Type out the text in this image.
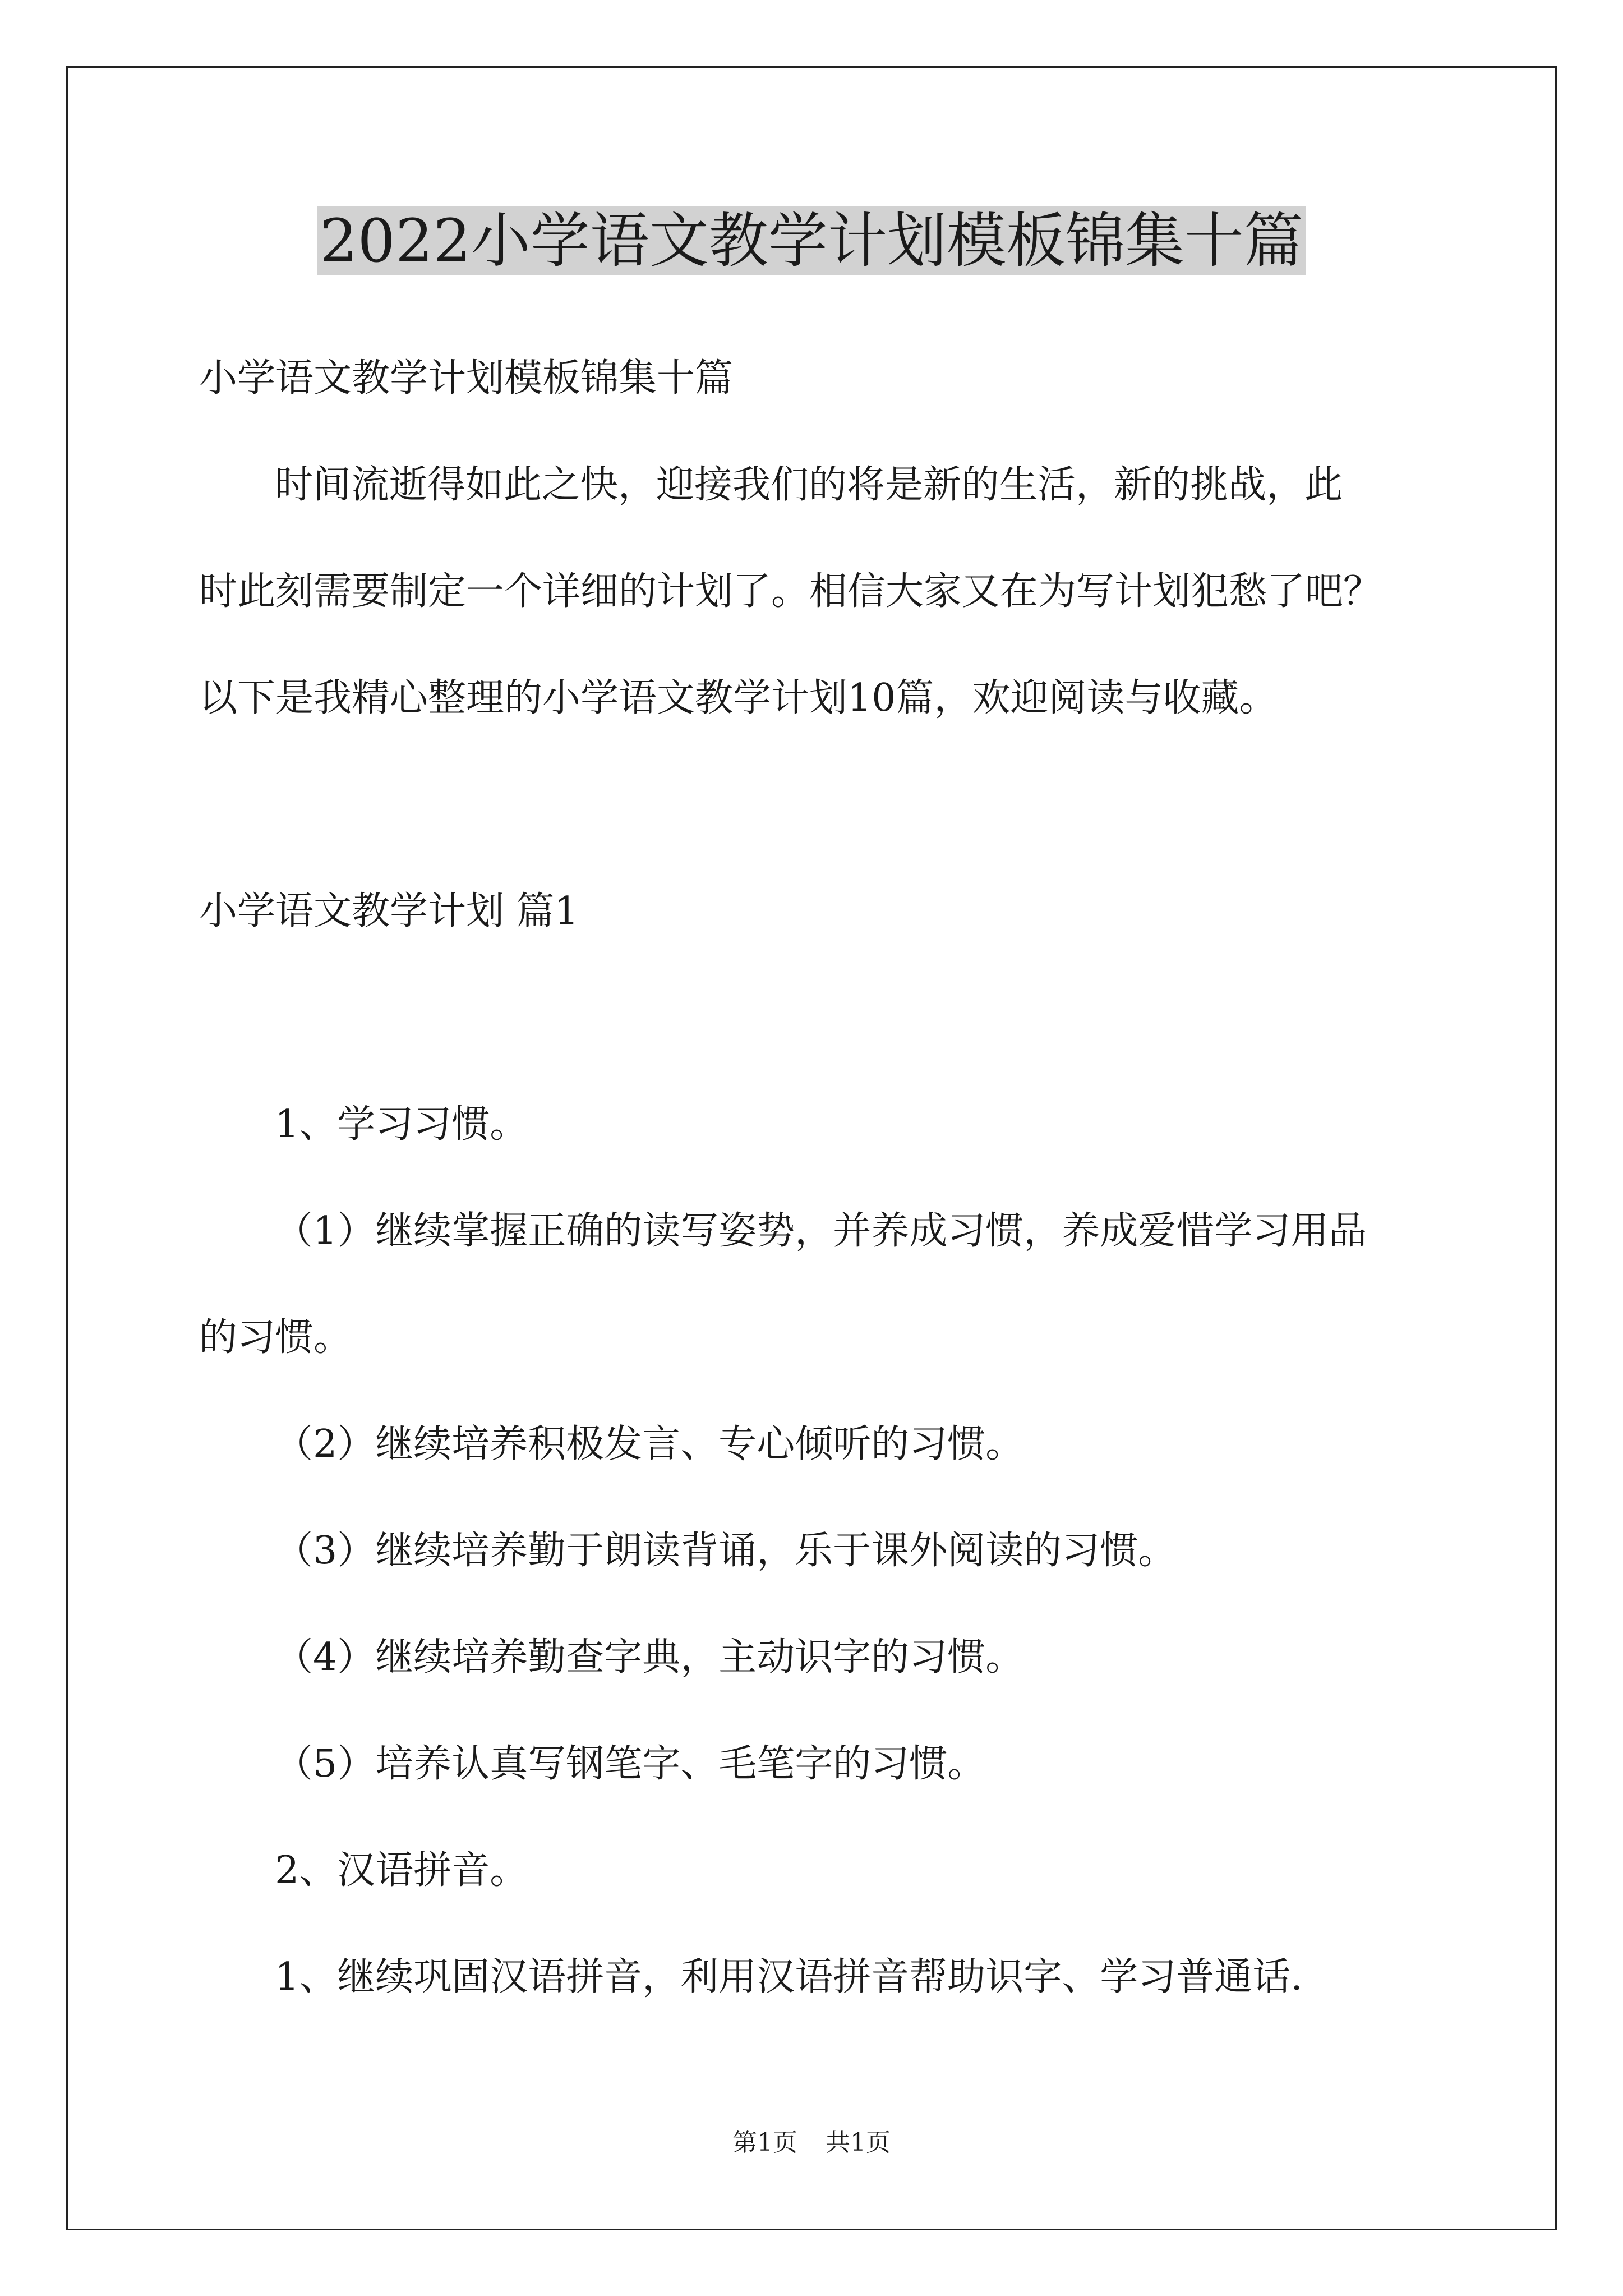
2022小学语文教学计划模板锦集十篇

小学语文教学计划模板锦集十篇

时间流逝得如此之快，迎接我们的将是新的生活，新的挑战，此

时此刻需要制定一个详细的计划了。相信大家又在为写计划犯愁了吧？

以下是我精心整理的小学语文教学计划10篇，欢迎阅读与收藏。

小学语文教学计划 篇1

1、学习习惯。

（1）继续掌握正确的读写姿势，并养成习惯，养成爱惜学习用品

的习惯。

（2）继续培养积极发言、专心倾听的习惯。

（3）继续培养勤于朗读背诵，乐于课外阅读的习惯。

（4）继续培养勤查字典，主动识字的习惯。

（5）培养认真写钢笔字、毛笔字的习惯。

2、汉语拼音。

1、继续巩固汉语拼音，利用汉语拼音帮助识字、学习普通话.

第1页 共1页
